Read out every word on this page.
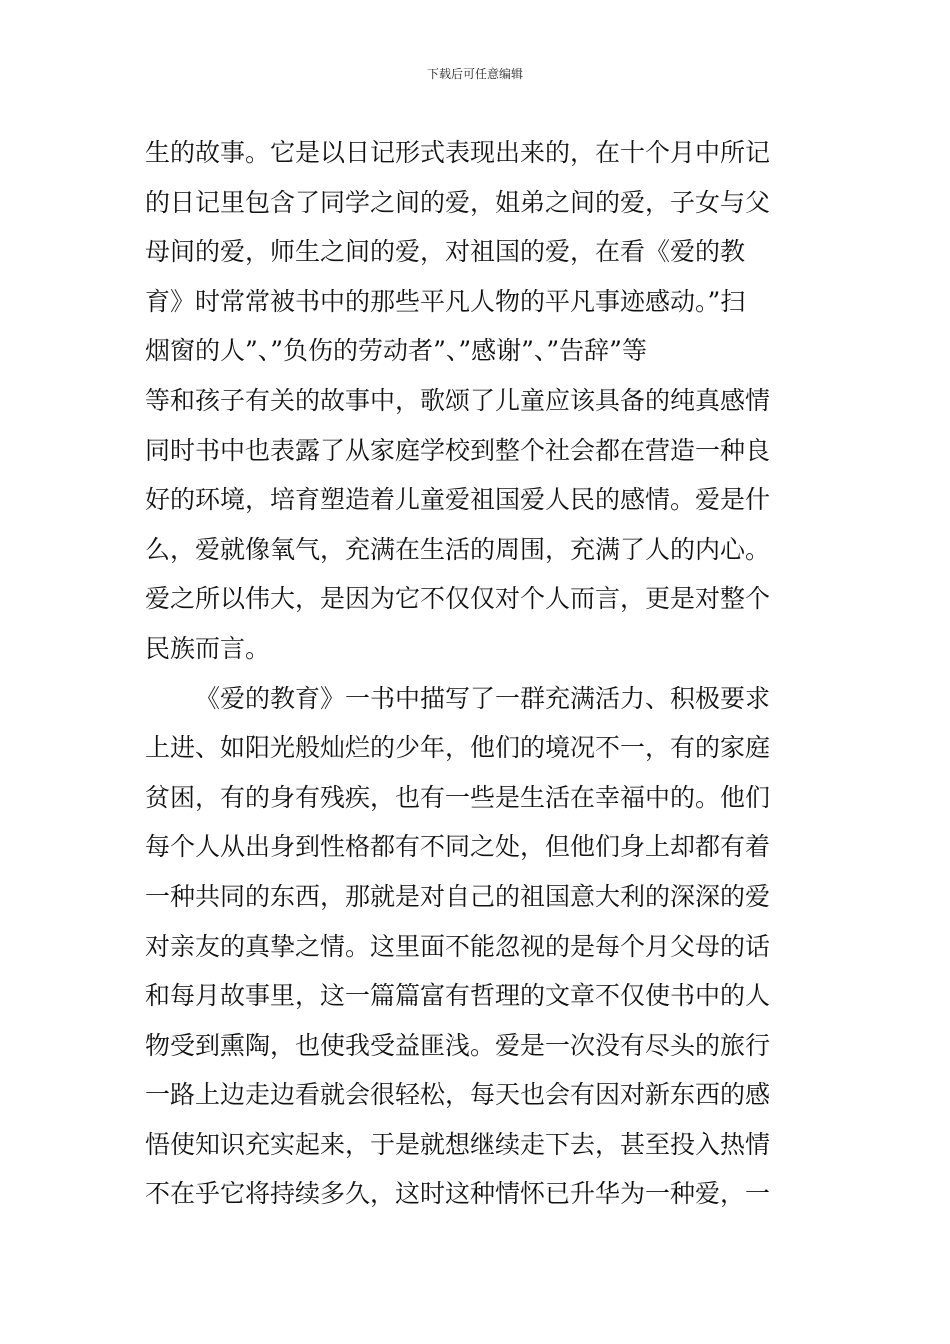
下载后可任意编辑
生的故事。它是以日记形式表现出来的，在十个月中所记
的日记里包含了同学之间的爱，姐弟之间的爱，子女与父
母间的爱，师生之间的爱，对祖国的爱，在看《爱的教
育》时常常被书中的那些平凡人物的平凡事迹感动。”扫
烟窗的人”、”负伤的劳动者”、”感谢”、”告辞”等
等和孩子有关的故事中，歌颂了儿童应该具备的纯真感情
同时书中也表露了从家庭学校到整个社会都在营造一种良
好的环境，培育塑造着儿童爱祖国爱人民的感情。爱是什
么，爱就像氧气，充满在生活的周围，充满了人的内心。
爱之所以伟大，是因为它不仅仅对个人而言，更是对整个
民族而言。
《爱的教育》一书中描写了一群充满活力、积极要求
上进、如阳光般灿烂的少年，他们的境况不一，有的家庭
贫困，有的身有残疾，也有一些是生活在幸福中的。他们
每个人从出身到性格都有不同之处，但他们身上却都有着
一种共同的东西，那就是对自己的祖国意大利的深深的爱
对亲友的真挚之情。这里面不能忽视的是每个月父母的话
和每月故事里，这一篇篇富有哲理的文章不仅使书中的人
物受到熏陶，也使我受益匪浅。爱是一次没有尽头的旅行
一路上边走边看就会很轻松，每天也会有因对新东西的感
悟使知识充实起来，于是就想继续走下去，甚至投入热情
不在乎它将持续多久，这时这种情怀已升华为一种爱，一
